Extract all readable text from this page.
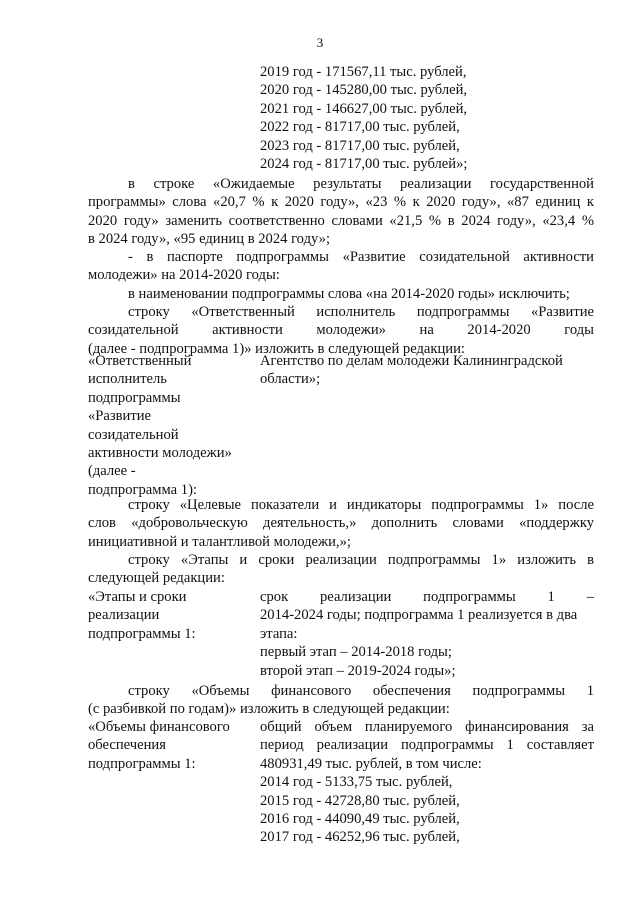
3
2019 год - 171567,11 тыс. рублей,
2020 год - 145280,00 тыс. рублей,
2021 год - 146627,00 тыс. рублей,
2022 год - 81717,00 тыс. рублей,
2023 год - 81717,00 тыс. рублей,
2024 год - 81717,00 тыс. рублей»;
в строке «Ожидаемые результаты реализации государственной
программы» слова «20,7 % к 2020 году», «23 % к 2020 году», «87 единиц к
2020 году» заменить соответственно словами «21,5 % в 2024 году», «23,4 %
в 2024 году», «95 единиц в 2024 году»;
- в паспорте подпрограммы «Развитие созидательной активности
молодежи» на 2014-2020 годы:
в наименовании подпрограммы слова «на 2014-2020 годы» исключить;
строку «Ответственный исполнитель подпрограммы «Развитие
созидательной активности молодежи» на 2014-2020 годы
(далее - подпрограмма 1)» изложить в следующей редакции:
«Ответственный
исполнитель
подпрограммы
«Развитие
созидательной
активности молодежи»
(далее -
подпрограмма 1):
Агентство по делам молодежи Калининградской
области»;
строку «Целевые показатели и индикаторы подпрограммы 1» после
слов «добровольческую деятельность,» дополнить словами «поддержку
инициативной и талантливой молодежи,»;
строку «Этапы и сроки реализации подпрограммы 1» изложить в
следующей редакции:
«Этапы и сроки
реализации
подпрограммы 1:
срок реализации подпрограммы 1 –
2014-2024 годы; подпрограмма 1 реализуется в два
этапа:
первый этап – 2014-2018 годы;
второй этап – 2019-2024 годы»;
строку «Объемы финансового обеспечения подпрограммы 1
(с разбивкой по годам)» изложить в следующей редакции:
«Объемы финансового
обеспечения
подпрограммы 1:
общий объем планируемого финансирования за
период реализации подпрограммы 1 составляет
480931,49 тыс. рублей, в том числе:
2014 год - 5133,75 тыс. рублей,
2015 год - 42728,80 тыс. рублей,
2016 год - 44090,49 тыс. рублей,
2017 год - 46252,96 тыс. рублей,
